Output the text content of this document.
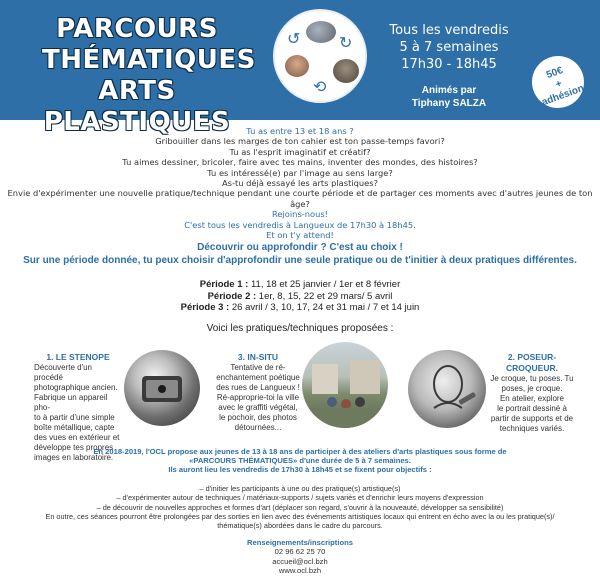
PARCOURS
THÉMATIQUES
ARTS PLASTIQUES
↺ ↻
⟲
Tous les vendredis
5 à 7 semaines
17h30 - 18h45
Animés par
Tiphany SALZA
50€
+ adhésion
Tu as entre 13 et 18 ans ?
Gribouiller dans les marges de ton cahier est ton passe-temps favori?
Tu as l'esprit imaginatif et créatif?
Tu aimes dessiner, bricoler, faire avec tes mains, inventer des mondes, des histoires?
Tu es intéressé(e) par l'image au sens large?
As-tu déjà essayé les arts plastiques?
Envie d'expérimenter une nouvelle pratique/technique pendant une courte période et de partager ces moments avec d'autres jeunes de ton âge?
Rejoins-nous!
C'est tous les vendredis à Langueux de 17h30 à 18h45.
Et on t'y attend!
Découvrir ou approfondir ? C'est au choix !
Sur une période donnée, tu peux choisir d'approfondir une seule pratique ou de t'initier à deux pratiques différentes.
Période 1 : 11, 18 et 25 janvier / 1er et 8 février
Période 2 : 1er, 8, 15, 22 et 29 mars/ 5 avril
Période 3 : 26 avril / 3, 10, 17, 24 et 31 mai / 7 et 14 juin
Voici les pratiques/techniques proposées :
1. LE STENOPE
Découverte d'un procédé
photographique ancien.
Fabrique un appareil pho-
to à partir d'une simple
boîte métallique, capte
des vues en extérieur et
développe tes propres
images en laboratoire.
3. IN-SITU
Tentative de ré-
enchantement poétique
des rues de Langueux !
Ré-approprie-toi la ville
avec le graffiti végétal,
le pochoir, des photos
détournées...
2. POSEUR-CROQUEUR.
Je croque, tu poses. Tu
poses, je croque.
En atelier, explore
le portrait dessiné à
partir de supports et de
techniques variés.
En 2018-2019, l'OCL propose aux jeunes de 13 à 18 ans de participer à des ateliers d'arts plastiques sous forme de
«PARCOURS THÉMATIQUES» d'une durée de 5 à 7 semaines.
Ils auront lieu les vendredis de 17h30 à 18h45 et se fixent pour objectifs :
– d'initier les participants à une ou des pratique(s) artistique(s)
– d'expérimenter autour de techniques / matériaux-supports / sujets variés et d'enrichir leurs moyens d'expression
– de découvrir de nouvelles approches et formes d'art (déplacer son regard, s'ouvrir à la nouveauté, développer sa sensibilité)
En outre, ces séances pourront être prolongées par des sorties en lien avec des événements artistiques locaux qui entrent en écho avec la ou les pratique(s)/
thématique(s) abordées dans le cadre du parcours.
Renseignements/inscriptions
02 96 62 25 70
accueil@ocl.bzh
www.ocl.bzh
